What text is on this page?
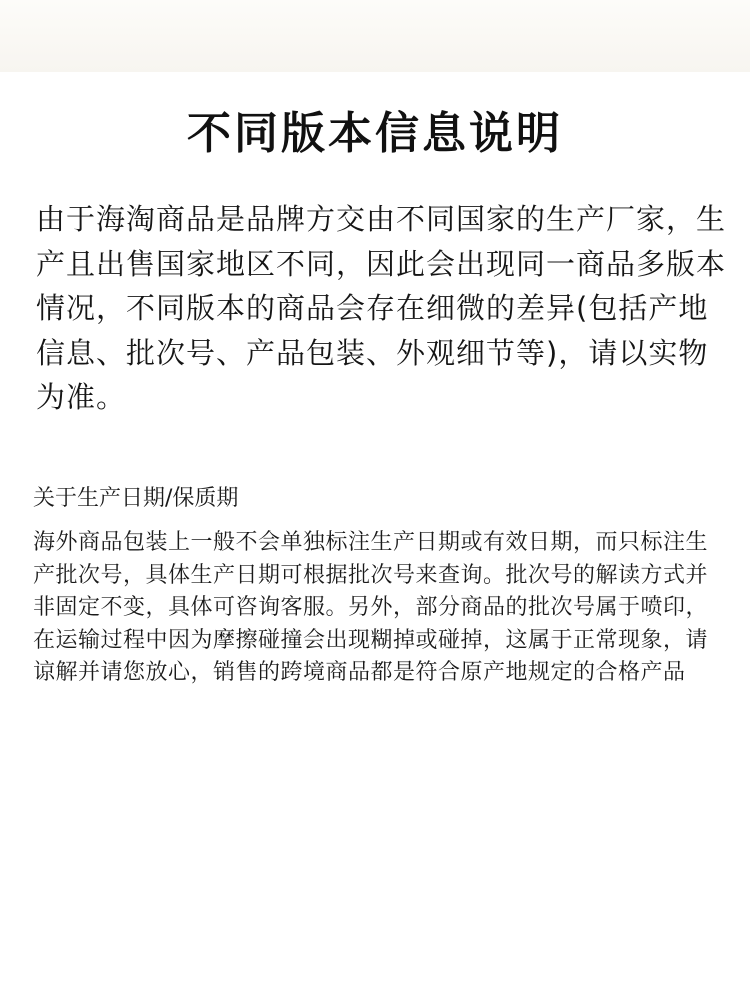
不同版本信息说明

由于海淘商品是品牌方交由不同国家的生产厂家，生产且出售国家地区不同，因此会出现同一商品多版本情况，不同版本的商品会存在细微的差异(包括产地信息、批次号、产品包装、外观细节等)，请以实物为准。

关于生产日期/保质期

海外商品包装上一般不会单独标注生产日期或有效日期，而只标注生产批次号，具体生产日期可根据批次号来查询。批次号的解读方式并非固定不变，具体可咨询客服。另外，部分商品的批次号属于喷印，在运输过程中因为摩擦碰撞会出现糊掉或碰掉，这属于正常现象，请谅解并请您放心，销售的跨境商品都是符合原产地规定的合格产品
